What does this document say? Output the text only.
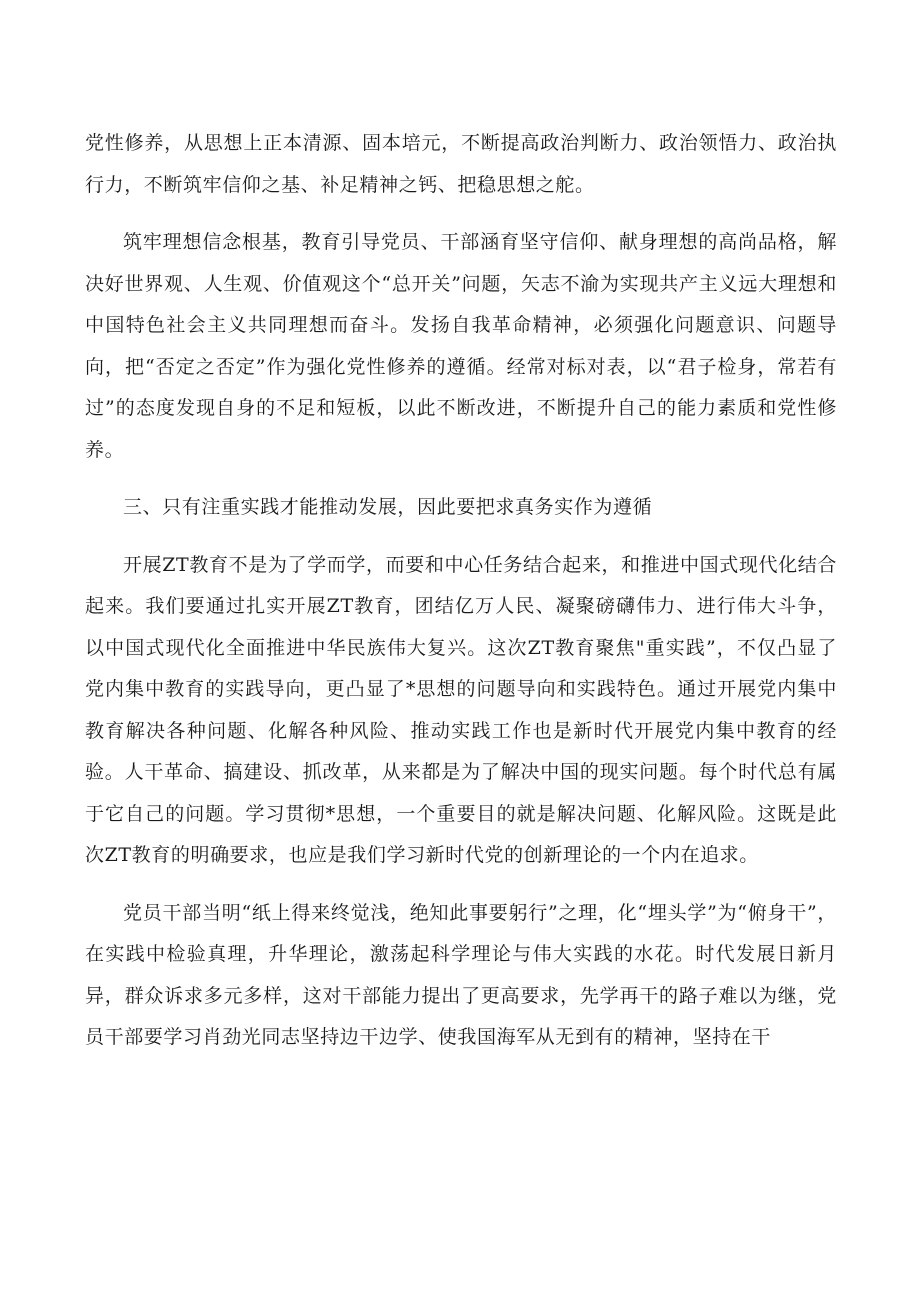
党性修养，从思想上正本清源、固本培元，不断提高政治判断力、政治领悟力、政治执行力，不断筑牢信仰之基、补足精神之钙、把稳思想之舵。

筑牢理想信念根基，教育引导党员、干部涵育坚守信仰、献身理想的高尚品格，解决好世界观、人生观、价值观这个“总开关”问题，矢志不渝为实现共产主义远大理想和中国特色社会主义共同理想而奋斗。发扬自我革命精神，必须强化问题意识、问题导向，把“否定之否定”作为强化党性修养的遵循。经常对标对表，以“君子检身，常若有过”的态度发现自身的不足和短板，以此不断改进，不断提升自己的能力素质和党性修养。

三、只有注重实践才能推动发展，因此要把求真务实作为遵循

开展ZT教育不是为了学而学，而要和中心任务结合起来，和推进中国式现代化结合起来。我们要通过扎实开展ZT教育，团结亿万人民、凝聚磅礴伟力、进行伟大斗争，以中国式现代化全面推进中华民族伟大复兴。这次ZT教育聚焦"重实践”，不仅凸显了党内集中教育的实践导向，更凸显了*思想的问题导向和实践特色。通过开展党内集中教育解决各种问题、化解各种风险、推动实践工作也是新时代开展党内集中教育的经验。人干革命、搞建设、抓改革，从来都是为了解决中国的现实问题。每个时代总有属于它自己的问题。学习贯彻*思想，一个重要目的就是解决问题、化解风险。这既是此次ZT教育的明确要求，也应是我们学习新时代党的创新理论的一个内在追求。

党员干部当明“纸上得来终觉浅，绝知此事要躬行”之理，化“埋头学”为“俯身干”，在实践中检验真理，升华理论，激荡起科学理论与伟大实践的水花。时代发展日新月异，群众诉求多元多样，这对干部能力提出了更高要求，先学再干的路子难以为继，党员干部要学习肖劲光同志坚持边干边学、使我国海军从无到有的精神，坚持在干
